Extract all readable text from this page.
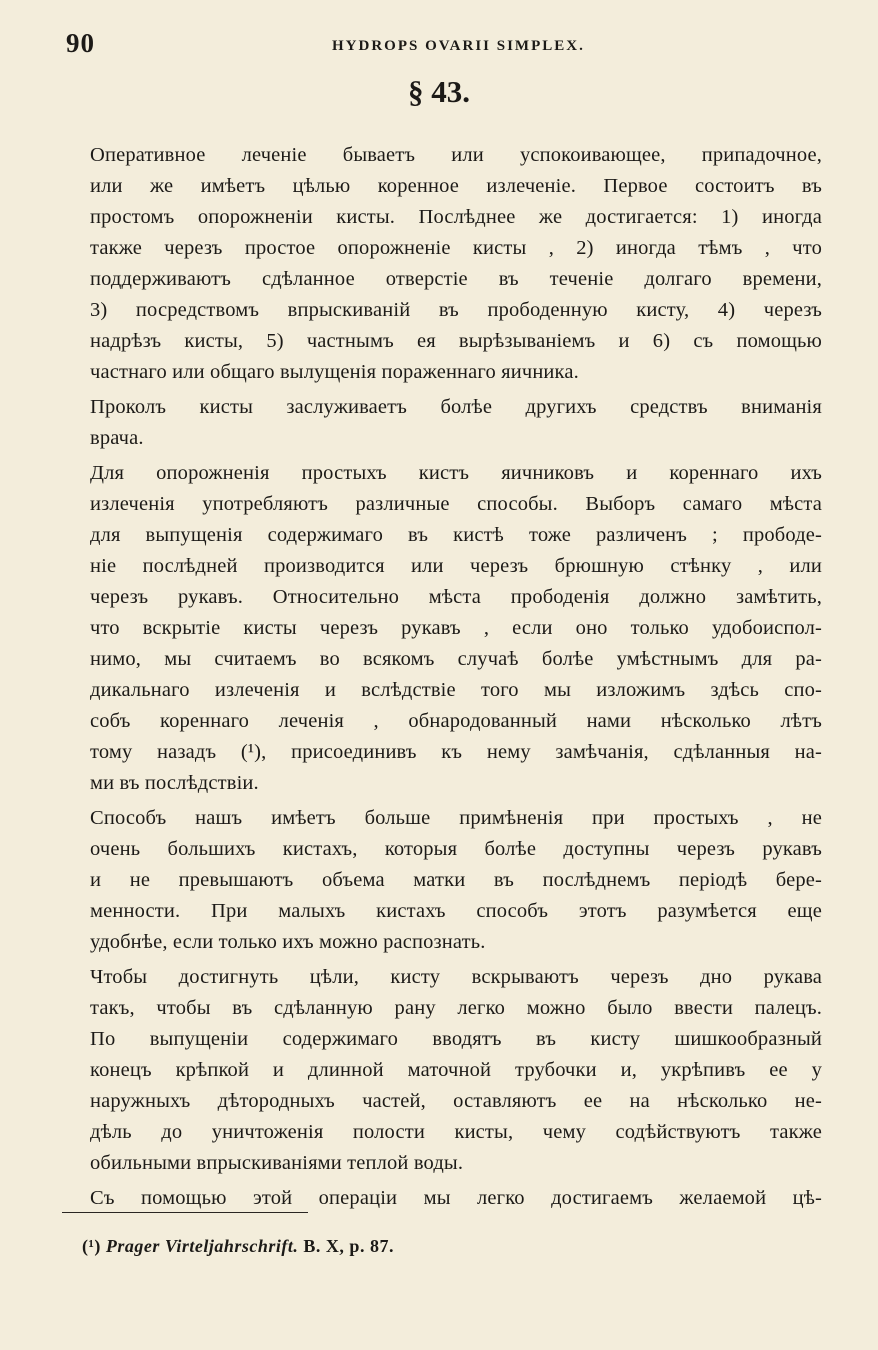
90	HYDROPS OVARII SIMPLEX.
§ 43.
Оперативное леченіе бываетъ или успокоивающее, припадочное,
или же имѣетъ цѣлью коренное излеченіе. Первое состоитъ въ
простомъ опорожненіи кисты. Послѣднее же достигается: 1) иногда
также черезъ простое опорожненіе кисты , 2) иногда тѣмъ , что
поддерживаютъ сдѣланное отверстіе въ теченіе долгаго времени,
3) посредствомъ впрыскиваній въ прободенную кисту, 4) черезъ
надрѣзъ кисты, 5) частнымъ ея вырѣзываніемъ и 6) съ помощью
частнаго или общаго вылущенія пораженнаго яичника.
Проколъ кисты заслуживаетъ болѣе другихъ средствъ вниманія
врача.
Для опорожненія простыхъ кистъ яичниковъ и кореннаго ихъ
излеченія употребляютъ различные способы. Выборъ самаго мѣста
для выпущенія содержимаго въ кистѣ тоже различенъ ; прободе-
ніе послѣдней производится или черезъ брюшную стѣнку , или
черезъ рукавъ. Относительно мѣста прободенія должно замѣтить,
что вскрытіе кисты черезъ рукавъ , если оно только удобоиспол-
нимо, мы считаемъ во всякомъ случаѣ болѣе умѣстнымъ для ра-
дикальнаго излеченія и вслѣдствіе того мы изложимъ здѣсь спо-
собъ кореннаго леченія , обнародованный нами нѣсколько лѣтъ
тому назадъ (¹), присоединивъ къ нему замѣчанія, сдѣланныя на-
ми въ послѣдствіи.
Способъ нашъ имѣетъ больше примѣненія при простыхъ , не
очень большихъ кистахъ, которыя болѣе доступны черезъ рукавъ
и не превышаютъ объема матки въ послѣднемъ періодѣ бере-
менности. При малыхъ кистахъ способъ этотъ разумѣется еще
удобнѣе, если только ихъ можно распознать.
Чтобы достигнуть цѣли, кисту вскрываютъ черезъ дно рукава
такъ, чтобы въ сдѣланную рану легко можно было ввести палецъ.
По выпущеніи содержимаго вводятъ въ кисту шишкообразный
конецъ крѣпкой и длинной маточной трубочки и, укрѣпивъ ее у
наружныхъ дѣтородныхъ частей, оставляютъ ее на нѣсколько не-
дѣль до уничтоженія полости кисты, чему содѣйствуютъ также
обильными впрыскиваніями теплой воды.
Съ помощью этой операціи мы легко достигаемъ желаемой цѣ-
(¹) Prager Virteljahrschrift. B. X, p. 87.
